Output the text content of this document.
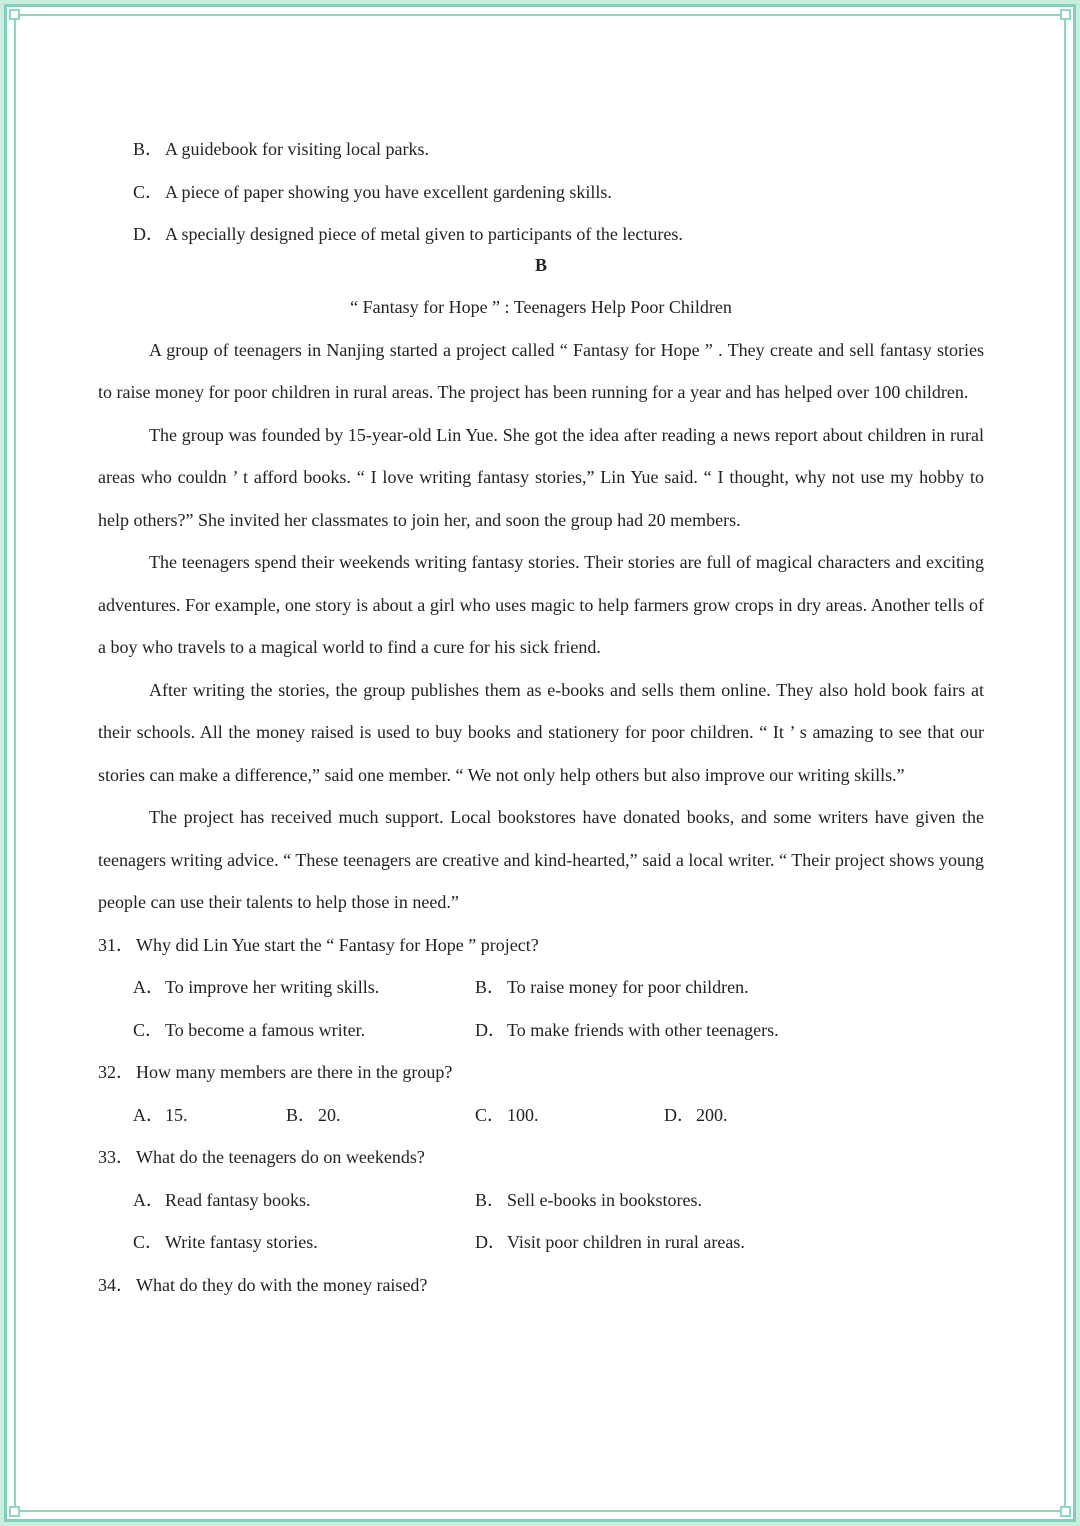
B． A guidebook for visiting local parks.

C． A piece of paper showing you have excellent gardening skills.

D．A specially designed piece of metal given to participants of the lectures.

B

“ Fantasy for Hope ” : Teenagers Help Poor Children

A group of teenagers in Nanjing started a project called “ Fantasy for Hope ” . They create and sell fantasy stories to raise money for poor children in rural areas. The project has been running for a year and has helped over 100 children.

The group was founded by 15-year-old Lin Yue. She got the idea after reading a news report about children in rural areas who couldn ’ t afford books. “ I love writing fantasy stories,” Lin Yue said. “ I thought, why not use my hobby to help others?” She invited her classmates to join her, and soon the group had 20 members.

The teenagers spend their weekends writing fantasy stories. Their stories are full of magical characters and exciting adventures. For example, one story is about a girl who uses magic to help farmers grow crops in dry areas. Another tells of a boy who travels to a magical world to find a cure for his sick friend.

After writing the stories, the group publishes them as e-books and sells them online. They also hold book fairs at their schools. All the money raised is used to buy books and stationery for poor children. “ It ’ s amazing to see that our stories can make a difference,” said one member. “ We not only help others but also improve our writing skills.”

The project has received much support. Local bookstores have donated books, and some writers have given the teenagers writing advice. “ These teenagers are creative and kind-hearted,” said a local writer. “ Their project shows young people can use their talents to help those in need.”

31． Why did Lin Yue start the “ Fantasy for Hope ” project?

A．To improve her writing skills.	B． To raise money for poor children.
C． To become a famous writer.	D．To make friends with other teenagers.

32． How many members are there in the group?

A．15.	B． 20.	C． 100.	D．200.

33． What do the teenagers do on weekends?

A．Read fantasy books.	B． Sell e-books in bookstores.
C． Write fantasy stories.	D．Visit poor children in rural areas.

34． What do they do with the money raised?
